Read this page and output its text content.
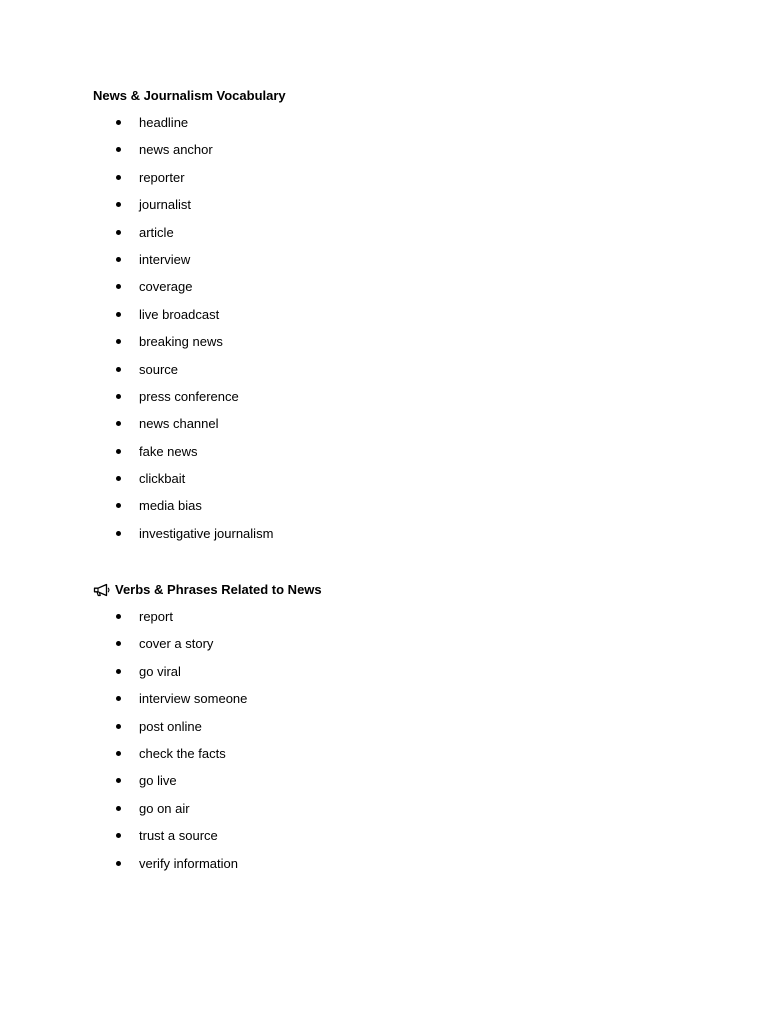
News & Journalism Vocabulary
headline
news anchor
reporter
journalist
article
interview
coverage
live broadcast
breaking news
source
press conference
news channel
fake news
clickbait
media bias
investigative journalism
Verbs & Phrases Related to News
report
cover a story
go viral
interview someone
post online
check the facts
go live
go on air
trust a source
verify information
